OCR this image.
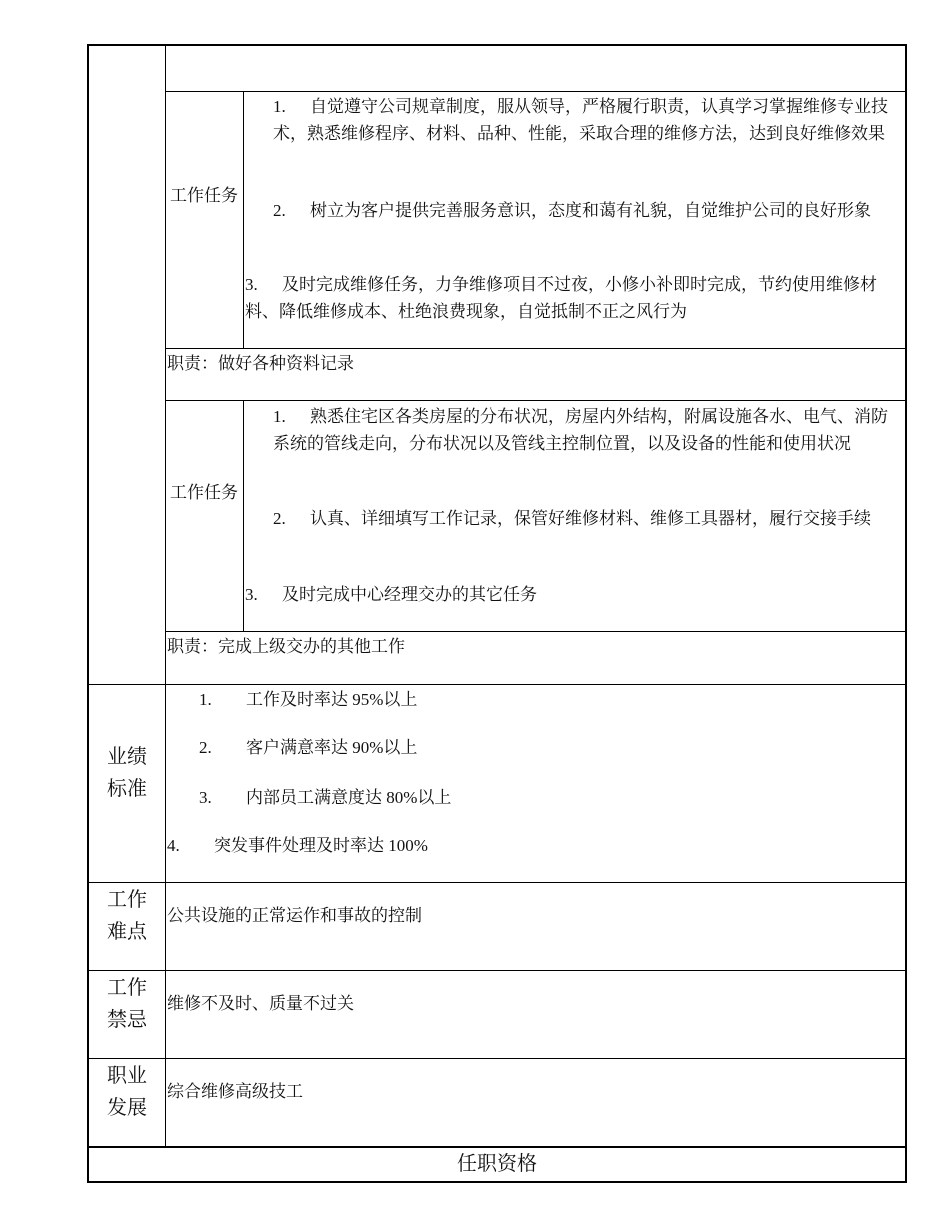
工作任务
1. 自觉遵守公司规章制度，服从领导，严格履行职责，认真学习掌握维修专业技术，熟悉维修程序、材料、品种、性能，采取合理的维修方法，达到良好维修效果
2. 树立为客户提供完善服务意识，态度和蔼有礼貌，自觉维护公司的良好形象
3. 及时完成维修任务，力争维修项目不过夜，小修小补即时完成，节约使用维修材料、降低维修成本、杜绝浪费现象，自觉抵制不正之风行为
职责：做好各种资料记录
工作任务
1. 熟悉住宅区各类房屋的分布状况，房屋内外结构，附属设施各水、电气、消防系统的管线走向，分布状况以及管线主控制位置，以及设备的性能和使用状况
2. 认真、详细填写工作记录，保管好维修材料、维修工具器材，履行交接手续
3. 及时完成中心经理交办的其它任务
职责：完成上级交办的其他工作
业绩
标准
1. 工作及时率达 95%以上
2. 客户满意率达 90%以上
3. 内部员工满意度达 80%以上
4. 突发事件处理及时率达 100%
工作
难点
公共设施的正常运作和事故的控制
工作
禁忌
维修不及时、质量不过关
职业
发展
综合维修高级技工
任职资格
